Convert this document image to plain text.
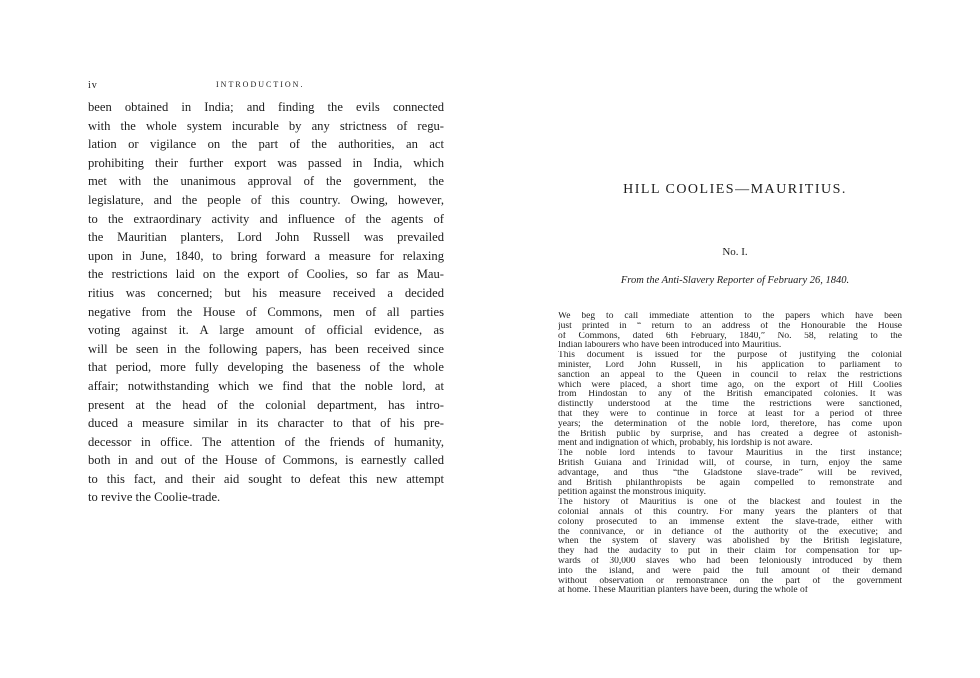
iv	INTRODUCTION.
been obtained in India; and finding the evils connected
with the whole system incurable by any strictness of regu-
lation or vigilance on the part of the authorities, an act
prohibiting their further export was passed in India, which
met with the unanimous approval of the government, the
legislature, and the people of this country. Owing, however,
to the extraordinary activity and influence of the agents of
the Mauritian planters, Lord John Russell was prevailed
upon in June, 1840, to bring forward a measure for relaxing
the restrictions laid on the export of Coolies, so far as Mau-
ritius was concerned; but his measure received a decided
negative from the House of Commons, men of all parties
voting against it. A large amount of official evidence, as
will be seen in the following papers, has been received since
that period, more fully developing the baseness of the whole
affair; notwithstanding which we find that the noble lord, at
present at the head of the colonial department, has intro-
duced a measure similar in its character to that of his pre-
decessor in office. The attention of the friends of humanity,
both in and out of the House of Commons, is earnestly called
to this fact, and their aid sought to defeat this new attempt
to revive the Coolie-trade.
HILL COOLIES—MAURITIUS.
No. I.
From the Anti-Slavery Reporter of February 26, 1840.
We beg to call immediate attention to the papers which have been
just printed in “ return to an address of the Honourable the House
of Commons, dated 6th February, 1840,” No. 58, relating to the
Indian labourers who have been introduced into Mauritius.
This document is issued for the purpose of justifying the colonial
minister, Lord John Russell, in his application to parliament to
sanction an appeal to the Queen in council to relax the restrictions
which were placed, a short time ago, on the export of Hill Coolies
from Hindostan to any of the British emancipated colonies. It was
distinctly understood at the time the restrictions were sanctioned,
that they were to continue in force at least for a period of three
years; the determination of the noble lord, therefore, has come upon
the British public by surprise, and has created a degree of astonish-
ment and indignation of which, probably, his lordship is not aware.
The noble lord intends to favour Mauritius in the first instance;
British Guiana and Trinidad will, of course, in turn, enjoy the same
advantage, and thus “the Gladstone slave-trade” will be revived,
and British philanthropists be again compelled to remonstrate and
petition against the monstrous iniquity.
The history of Mauritius is one of the blackest and foulest in the
colonial annals of this country. For many years the planters of that
colony prosecuted to an immense extent the slave-trade, either with
the connivance, or in defiance of the authority of the executive; and
when the system of slavery was abolished by the British legislature,
they had the audacity to put in their claim for compensation for up-
wards of 30,000 slaves who had been feloniously introduced by them
into the island, and were paid the full amount of their demand
without observation or remonstrance on the part of the government
at home. These Mauritian planters have been, during the whole of
